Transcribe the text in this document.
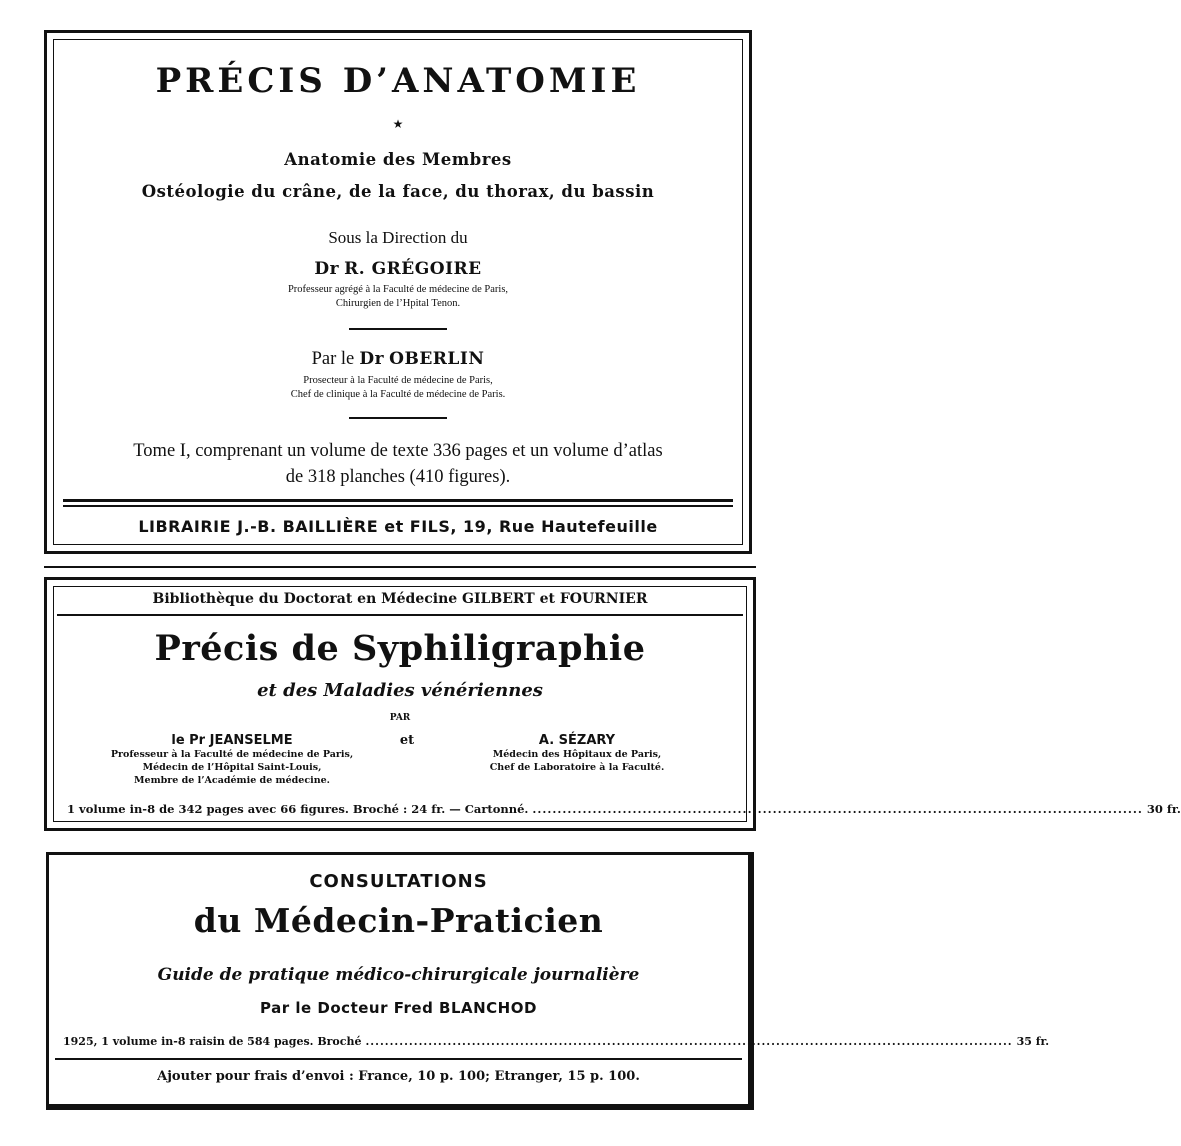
PRÉCIS D’ANATOMIE
★
Anatomie des Membres
Ostéologie du crâne, de la face, du thorax, du bassin
Sous la Direction du
Dr R. GRÉGOIRE
Professeur agrégé à la Faculté de médecine de Paris,
Chirurgien de l’Hpital Tenon.
Par le Dr OBERLIN
Prosecteur à la Faculté de médecine de Paris,
Chef de clinique à la Faculté de médecine de Paris.
Tome I, comprenant un volume de texte 336 pages et un volume d’atlas
de 318 planches (410 figures).
LIBRAIRIE J.-B. BAILLIÈRE et FILS, 19, Rue Hautefeuille
Bibliothèque du Doctorat en Médecine GILBERT et FOURNIER
Précis de Syphiligraphie
et des Maladies vénériennes
PAR
le Pr JEANSELME
Professeur à la Faculté de médecine de Paris,
Médecin de l’Hôpital Saint-Louis,
Membre de l’Académie de médecine.
et	A. SÉZARY
Médecin des Hôpitaux de Paris,
Chef de Laboratoire à la Faculté.
1 volume in-8 de 342 pages avec 66 figures. Broché : 24 fr. — Cartonné. .......................................................................................................................... 30 fr.
CONSULTATIONS
du Médecin-Praticien
Guide de pratique médico-chirurgicale journalière
Par le Docteur Fred BLANCHOD
1925, 1 volume in-8 raisin de 584 pages. Broché ...................................................................................................................................... 35 fr.
Ajouter pour frais d’envoi : France, 10 p. 100; Etranger, 15 p. 100.
